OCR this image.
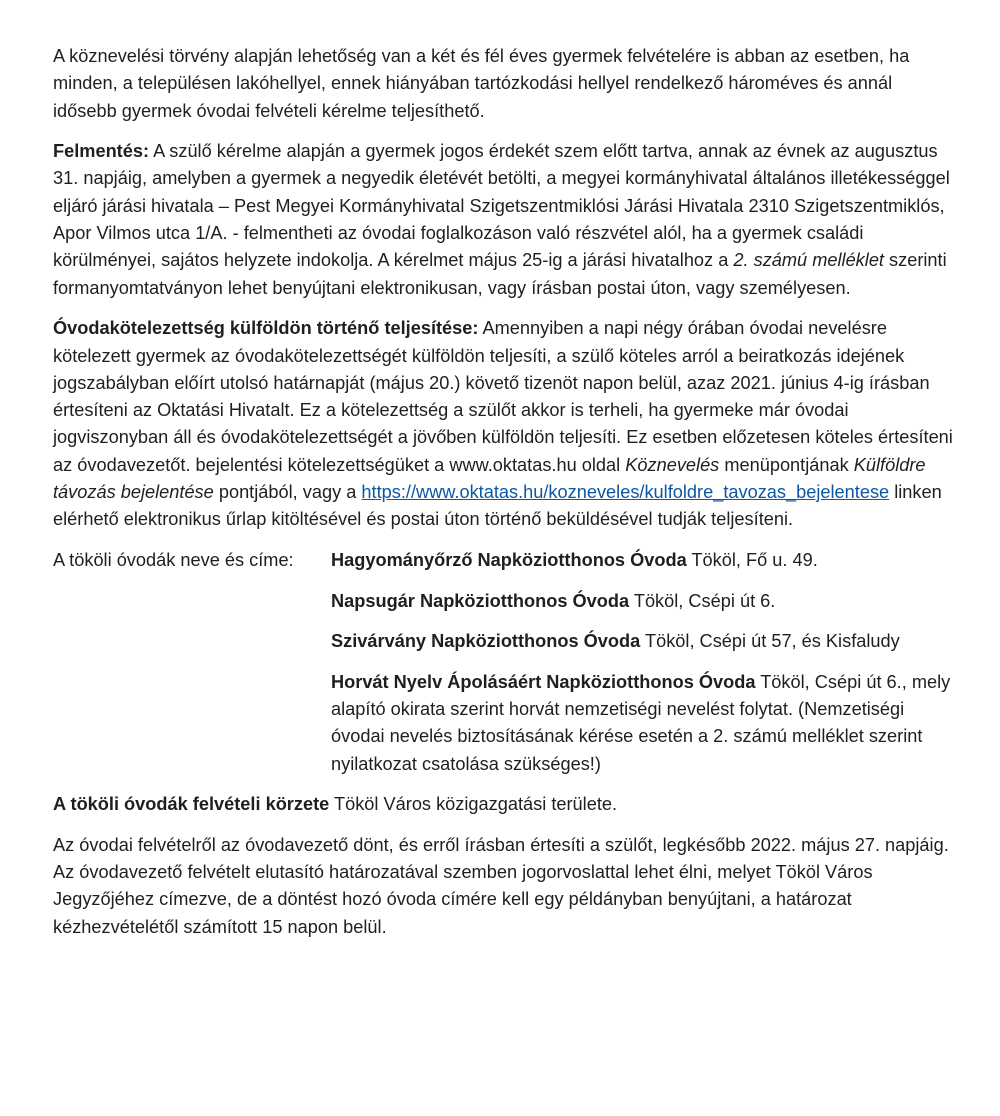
A köznevelési törvény alapján lehetőség van a két és fél éves gyermek felvételére is abban az esetben, ha minden, a településen lakóhellyel, ennek hiányában tartózkodási hellyel rendelkező hároméves és annál idősebb gyermek óvodai felvételi kérelme teljesíthető.

Felmentés: A szülő kérelme alapján a gyermek jogos érdekét szem előtt tartva, annak az évnek az augusztus 31. napjáig, amelyben a gyermek a negyedik életévét betölti, a megyei kormányhivatal általános illetékességgel eljáró járási hivatala – Pest Megyei Kormányhivatal Szigetszentmiklósi Járási Hivatala 2310 Szigetszentmiklós, Apor Vilmos utca 1/A. - felmentheti az óvodai foglalkozáson való részvétel alól, ha a gyermek családi körülményei, sajátos helyzete indokolja. A kérelmet május 25-ig a járási hivatalhoz a 2. számú melléklet szerinti formanyomtatványon lehet benyújtani elektronikusan, vagy írásban postai úton, vagy személyesen.

Óvodakötelezettség külföldön történő teljesítése: Amennyiben a napi négy órában óvodai nevelésre kötelezett gyermek az óvodakötelezettségét külföldön teljesíti, a szülő köteles arról a beiratkozás idejének jogszabályban előírt utolsó határnapját (május 20.) követő tizenöt napon belül, azaz 2021. június 4-ig írásban értesíteni az Oktatási Hivatalt. Ez a kötelezettség a szülőt akkor is terheli, ha gyermeke már óvodai jogviszonyban áll és óvodakötelezettségét a jövőben külföldön teljesíti. Ez esetben előzetesen köteles értesíteni az óvodavezetőt. bejelentési kötelezettségüket a www.oktatas.hu oldal Köznevelés menüpontjának Külföldre távozás bejelentése pontjából, vagy a https://www.oktatas.hu/kozneveles/kulfoldre_tavozas_bejelentese linken elérhető elektronikus űrlap kitöltésével és postai úton történő beküldésével tudják teljesíteni.

A tököli óvodák neve és címe:	Hagyományőrző Napköziotthonos Óvoda Tököl, Fő u. 49.
Napsugár Napköziotthonos Óvoda Tököl, Csépi út 6.
Szivárvány Napköziotthonos Óvoda Tököl, Csépi út 57, és Kisfaludy
Horvát Nyelv Ápolásáért Napköziotthonos Óvoda Tököl, Csépi út 6., mely alapító okirata szerint horvát nemzetiségi nevelést folytat. (Nemzetiségi óvodai nevelés biztosításának kérése esetén a 2. számú melléklet szerint nyilatkozat csatolása szükséges!)

A tököli óvodák felvételi körzete Tököl Város közigazgatási területe.

Az óvodai felvételről az óvodavezető dönt, és erről írásban értesíti a szülőt, legkésőbb 2022. május 27. napjáig. Az óvodavezető felvételt elutasító határozatával szemben jogorvoslattal lehet élni, melyet Tököl Város Jegyzőjéhez címezve, de a döntést hozó óvoda címére kell egy példányban benyújtani, a határozat kézhezvételétől számított 15 napon belül.
